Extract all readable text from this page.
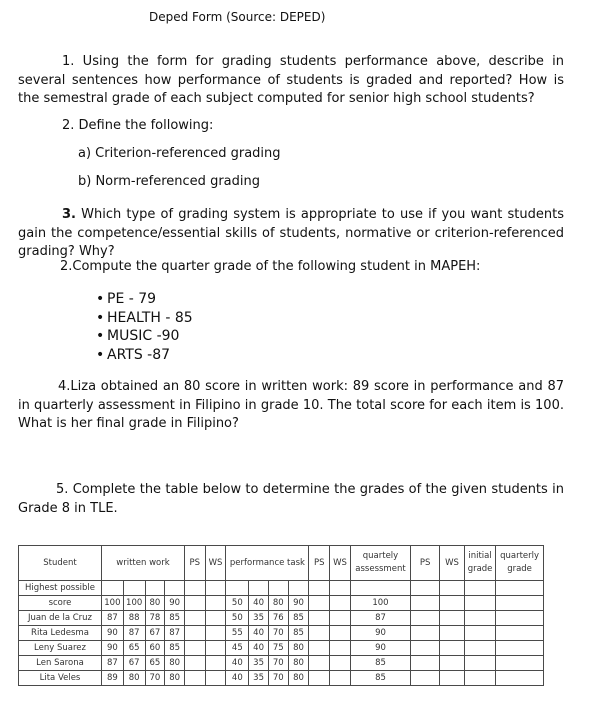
Deped Form (Source: DEPED)
1. Using the form for grading students performance above, describe in several sentences how performance of students is graded and reported? How is the semestral grade of each subject computed for senior high school students?
2. Define the following:
a) Criterion-referenced grading
b) Norm-referenced grading
3. Which type of grading system is appropriate to use if you want students gain the competence/essential skills of students, normative or criterion-referenced grading? Why?
2.Compute the quarter grade of the following student in MAPEH:
• PE - 79
• HEALTH - 85
• MUSIC -90
• ARTS -87
4.Liza obtained an 80 score in written work: 89 score in performance and 87 in quarterly assessment in Filipino in grade 10. The total score for each item is 100. What is her final grade in Filipino?
5. Complete the table below to determine the grades of the given students in Grade 8 in TLE.
Student	written work				PS	WS	performance task				PS	WS	quartely assessment	PS	WS	initial grade	quarterly grade
Highest possible																	
score	100	100	80	90			50	40	80	90			100				
Juan de la Cruz	87	88	78	85			50	35	76	85			87				
Rita Ledesma	90	87	67	87			55	40	70	85			90				
Leny Suarez	90	65	60	85			45	40	75	80			90				
Len Sarona	87	67	65	80			40	35	70	80			85				
Lita Veles	89	80	70	80			40	35	70	80			85				
